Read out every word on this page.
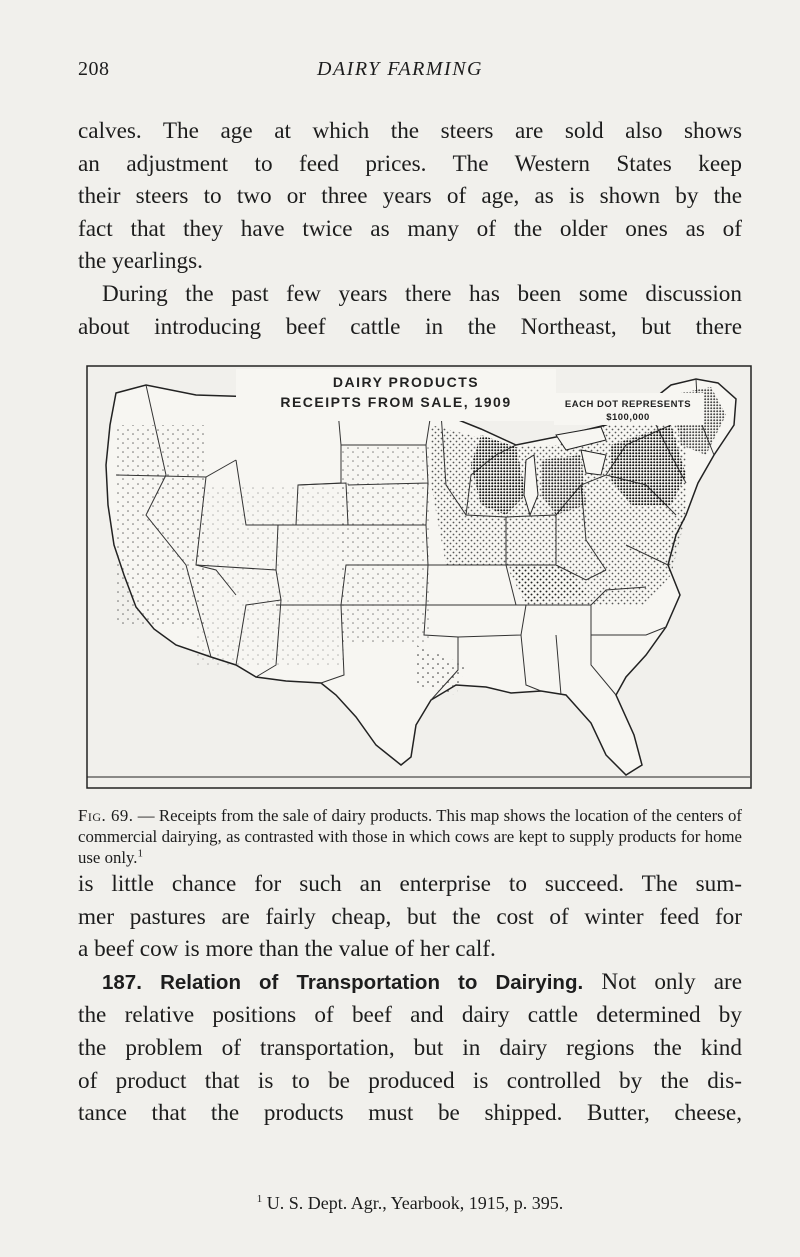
208	DAIRY FARMING
calves. The age at which the steers are sold also shows
an adjustment to feed prices. The Western States keep
their steers to two or three years of age, as is shown by the
fact that they have twice as many of the older ones as of
the yearlings.
During the past few years there has been some discussion
about introducing beef cattle in the Northeast, but there
DAIRY PRODUCTS
RECEIPTS FROM SALE, 1909	EACH DOT REPRESENTS
$100,000
Fig. 69. — Receipts from the sale of dairy products. This map shows the location of the centers of commercial dairying, as contrasted with those in which cows are kept to supply products for home use only.$^1$
is little chance for such an enterprise to succeed. The sum-
mer pastures are fairly cheap, but the cost of winter feed for
a beef cow is more than the value of her calf.
187. Relation of Transportation to Dairying. Not only are
the relative positions of beef and dairy cattle determined by
the problem of transportation, but in dairy regions the kind
of product that is to be produced is controlled by the dis-
tance that the products must be shipped. Butter, cheese,
$^1$ U. S. Dept. Agr., Yearbook, 1915, p. 395.
